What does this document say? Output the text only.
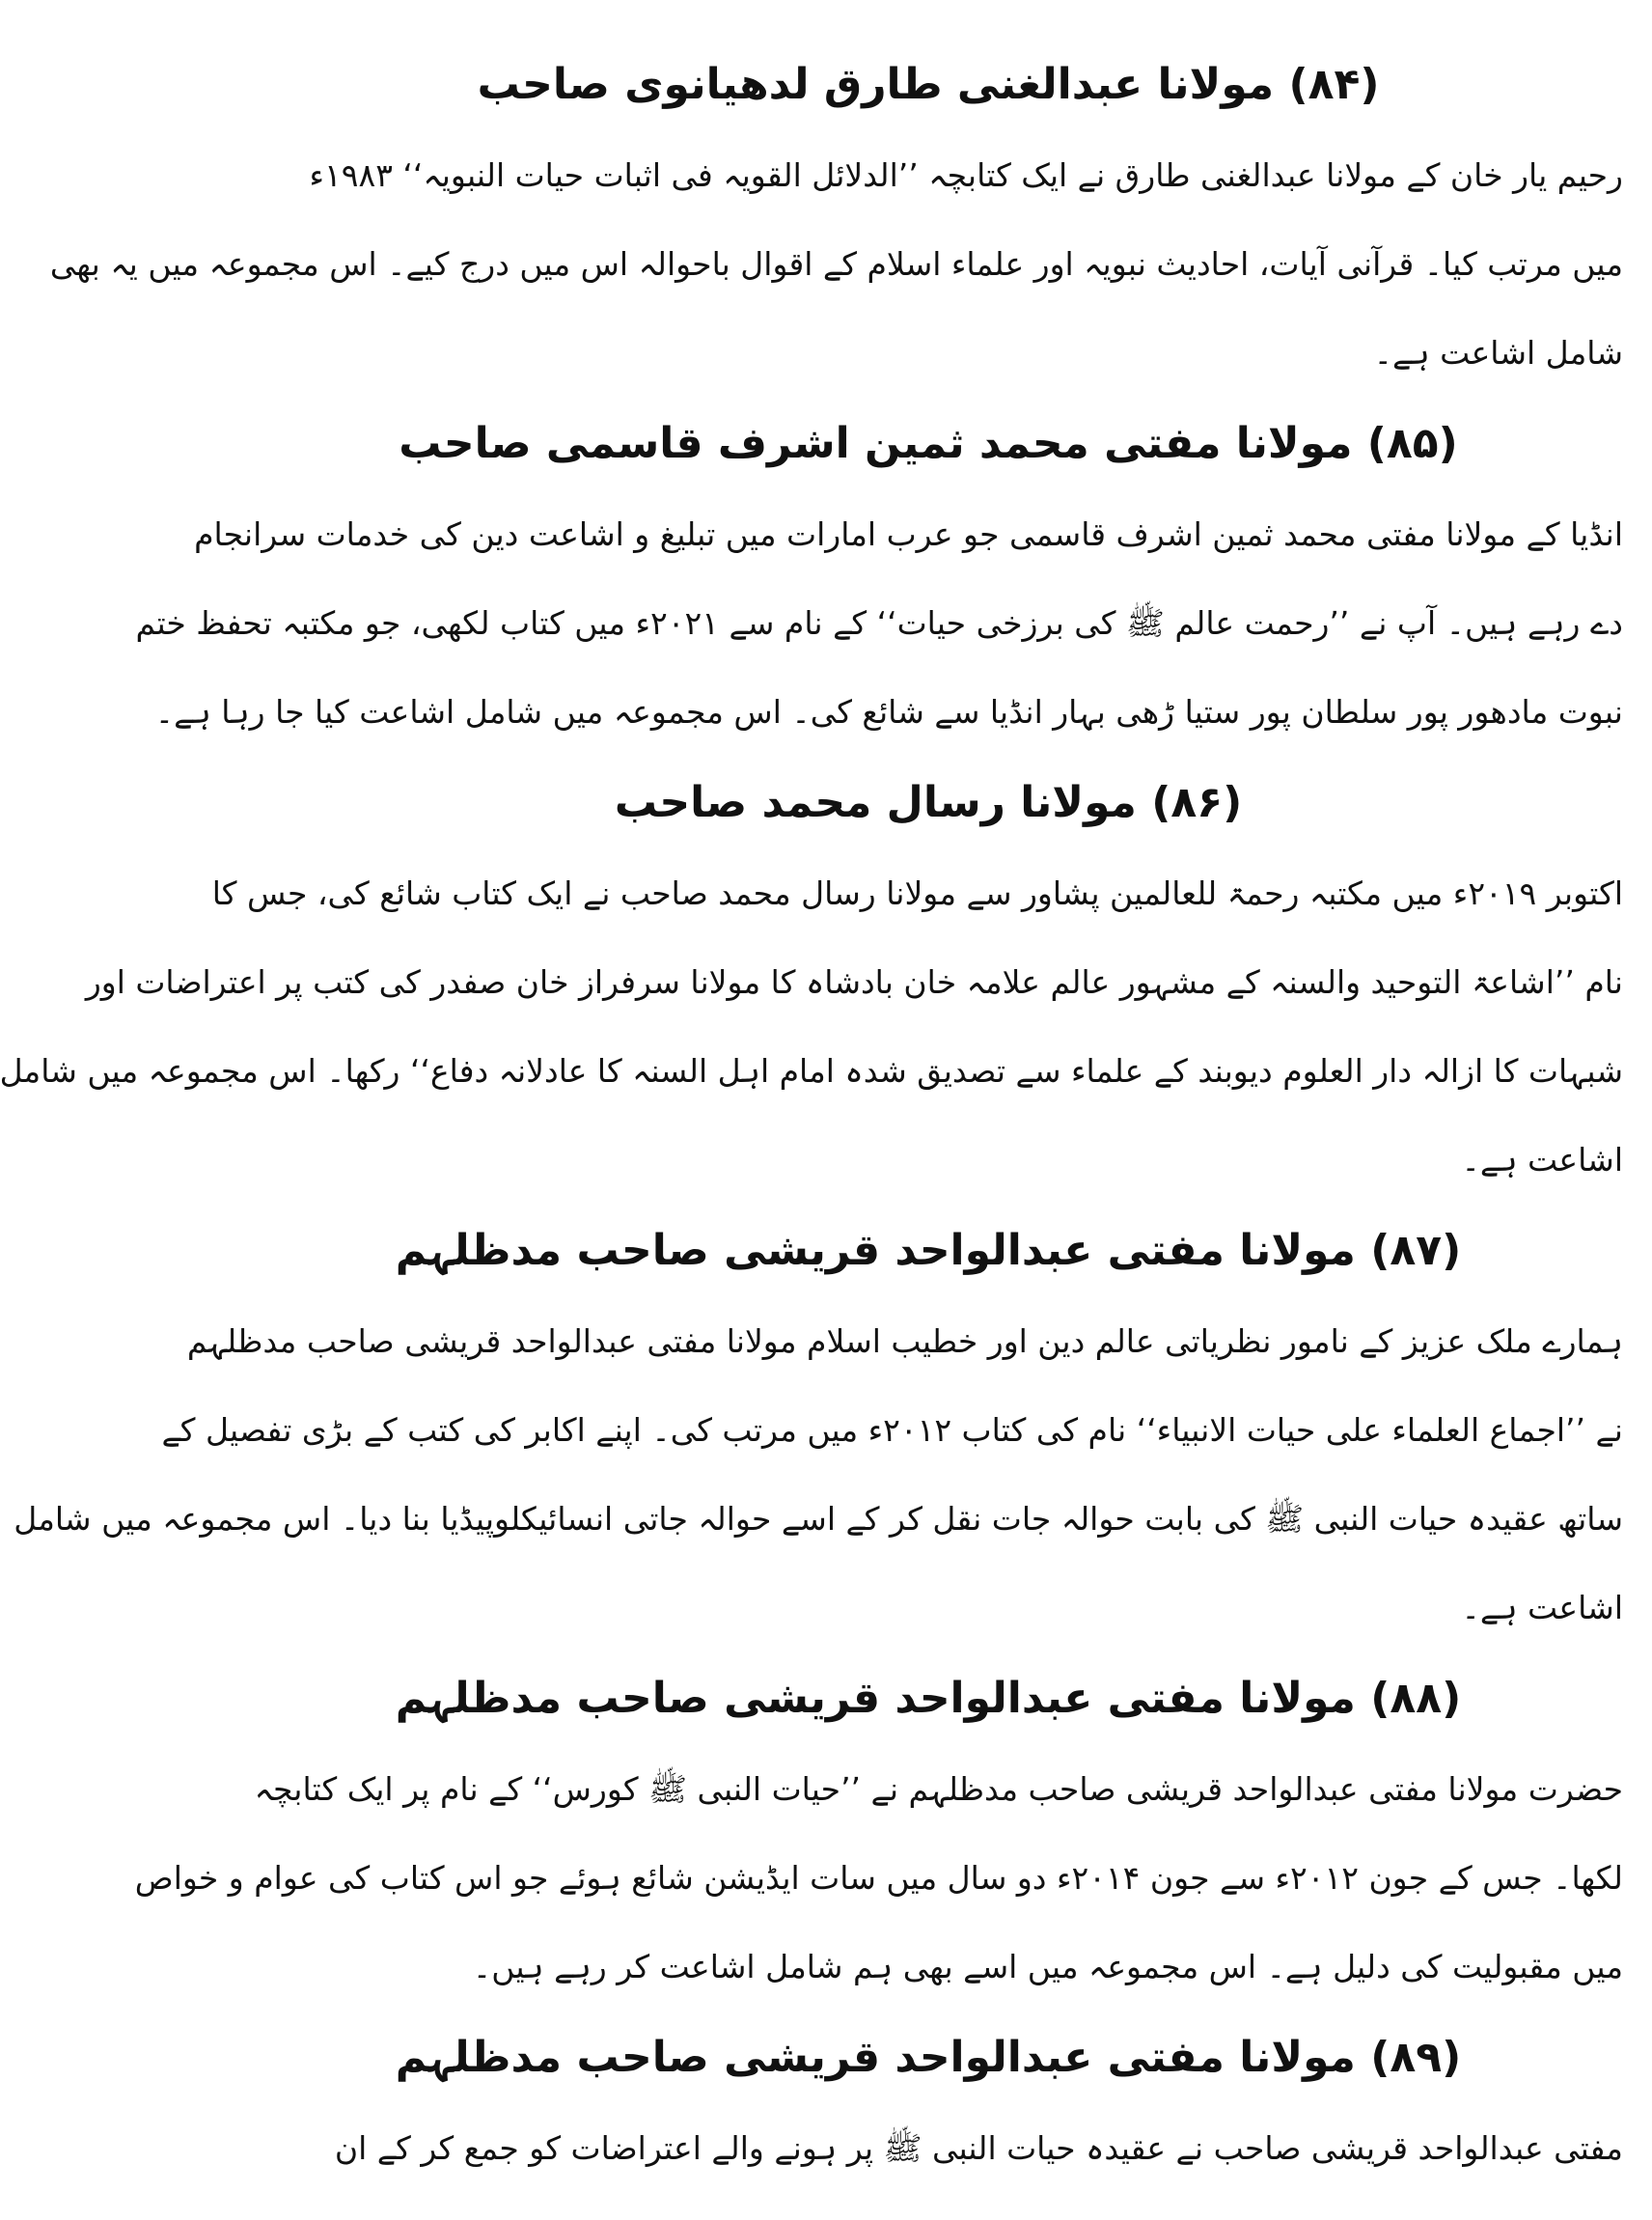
(۸۴) مولانا عبدالغنی طارق لدھیانوی صاحب

رحیم یار خان کے مولانا عبدالغنی طارق نے ایک کتابچہ ’’الدلائل القویہ فی اثبات حیات النبویہ‘‘ ۱۹۸۳ء
میں مرتب کیا۔ قرآنی آیات، احادیث نبویہ اور علماء اسلام کے اقوال باحوالہ اس میں درج کیے۔ اس مجموعہ میں یہ بھی
شامل اشاعت ہے۔

(۸۵) مولانا مفتی محمد ثمین اشرف قاسمی صاحب

انڈیا کے مولانا مفتی محمد ثمین اشرف قاسمی جو عرب امارات میں تبلیغ و اشاعت دین کی خدمات سرانجام
دے رہے ہیں۔ آپ نے ’’رحمت عالم ﷺ کی برزخی حیات‘‘ کے نام سے ۲۰۲۱ء میں کتاب لکھی، جو مکتبہ تحفظ ختم
نبوت مادھور پور سلطان پور ستیا ڑھی بہار انڈیا سے شائع کی۔ اس مجموعہ میں شامل اشاعت کیا جا رہا ہے۔

(۸۶) مولانا رسال محمد صاحب

اکتوبر ۲۰۱۹ء میں مکتبہ رحمۃ للعالمین پشاور سے مولانا رسال محمد صاحب نے ایک کتاب شائع کی، جس کا
نام ’’اشاعۃ التوحید والسنہ کے مشہور عالم علامہ خان بادشاہ کا مولانا سرفراز خان صفدر کی کتب پر اعتراضات اور
شبہات کا ازالہ دار العلوم دیوبند کے علماء سے تصدیق شدہ امام اہل السنہ کا عادلانہ دفاع‘‘ رکھا۔ اس مجموعہ میں شامل
اشاعت ہے۔

(۸۷) مولانا مفتی عبدالواحد قریشی صاحب مدظلہم

ہمارے ملک عزیز کے نامور نظریاتی عالم دین اور خطیب اسلام مولانا مفتی عبدالواحد قریشی صاحب مدظلہم
نے ’’اجماع العلماء علی حیات الانبیاء‘‘ نام کی کتاب ۲۰۱۲ء میں مرتب کی۔ اپنے اکابر کی کتب کے بڑی تفصیل کے
ساتھ عقیدہ حیات النبی ﷺ کی بابت حوالہ جات نقل کر کے اسے حوالہ جاتی انسائیکلوپیڈیا بنا دیا۔ اس مجموعہ میں شامل
اشاعت ہے۔

(۸۸) مولانا مفتی عبدالواحد قریشی صاحب مدظلہم

حضرت مولانا مفتی عبدالواحد قریشی صاحب مدظلہم نے ’’حیات النبی ﷺ کورس‘‘ کے نام پر ایک کتابچہ
لکھا۔ جس کے جون ۲۰۱۲ء سے جون ۲۰۱۴ء دو سال میں سات ایڈیشن شائع ہوئے جو اس کتاب کی عوام و خواص
میں مقبولیت کی دلیل ہے۔ اس مجموعہ میں اسے بھی ہم شامل اشاعت کر رہے ہیں۔

(۸۹) مولانا مفتی عبدالواحد قریشی صاحب مدظلہم

مفتی عبدالواحد قریشی صاحب نے عقیدہ حیات النبی ﷺ پر ہونے والے اعتراضات کو جمع کر کے ان
